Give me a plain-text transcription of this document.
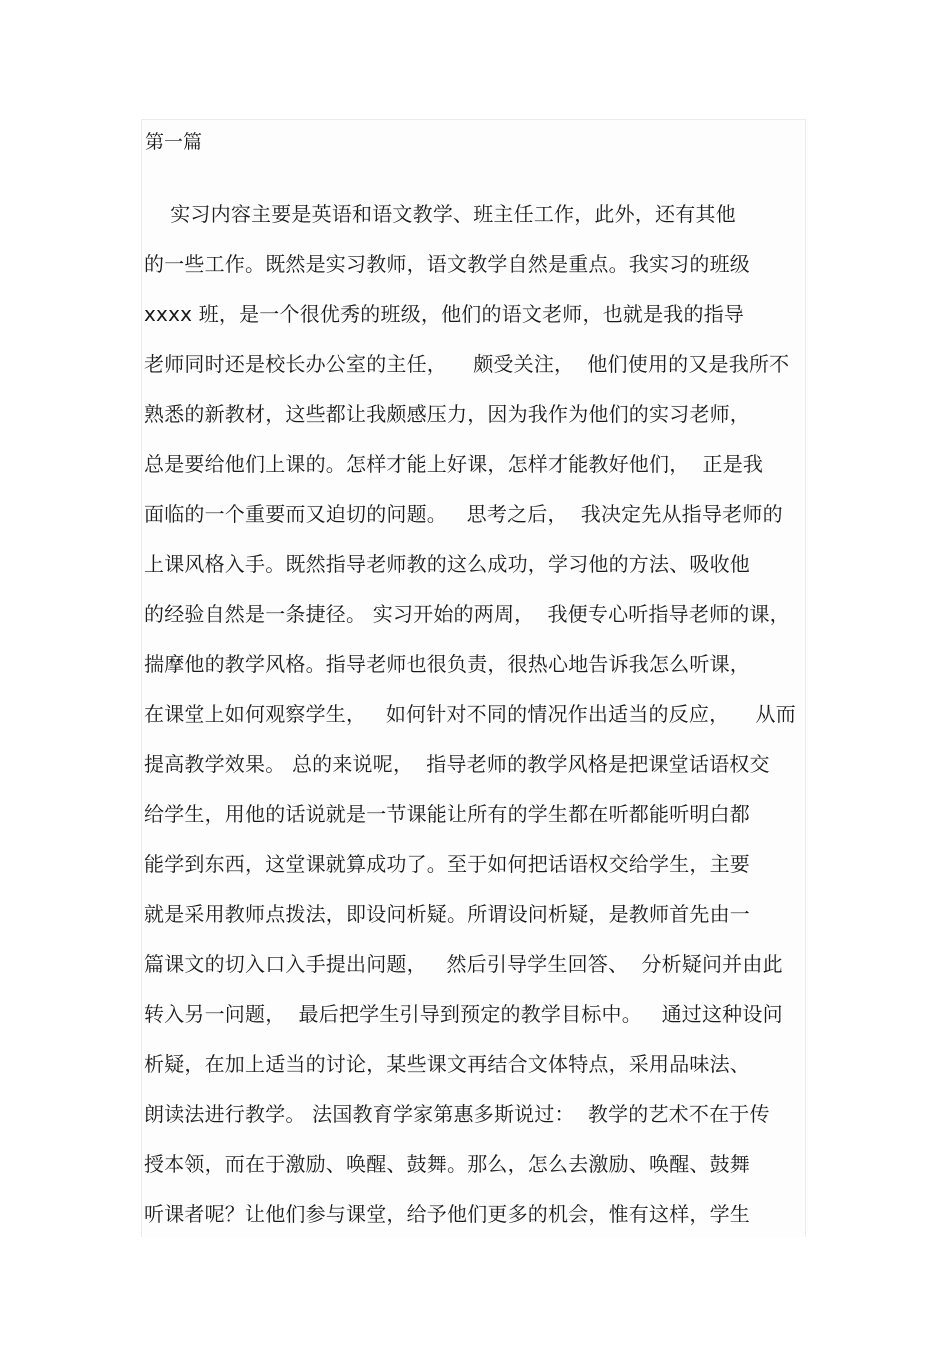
第一篇
实习内容主要是英语和语文教学、班主任工作，此外，还有其他
的一些工作。既然是实习教师，语文教学自然是重点。我实习的班级
xxxx 班，是一个很优秀的班级，他们的语文老师，也就是我的指导
老师同时还是校长办公室的主任，    颇受关注，  他们使用的又是我所不
熟悉的新教材，这些都让我颇感压力，因为我作为他们的实习老师，
总是要给他们上课的。怎样才能上好课，怎样才能教好他们，  正是我
面临的一个重要而又迫切的问题。   思考之后，  我决定先从指导老师的
上课风格入手。既然指导老师教的这么成功，学习他的方法、吸收他
的经验自然是一条捷径。 实习开始的两周，  我便专心听指导老师的课，
揣摩他的教学风格。指导老师也很负责，很热心地告诉我怎么听课，
在课堂上如何观察学生，   如何针对不同的情况作出适当的反应，    从而
提高教学效果。 总的来说呢，  指导老师的教学风格是把课堂话语权交
给学生，用他的话说就是一节课能让所有的学生都在听都能听明白都
能学到东西，这堂课就算成功了。至于如何把话语权交给学生，主要
就是采用教师点拨法，即设问析疑。所谓设问析疑，是教师首先由一
篇课文的切入口入手提出问题，   然后引导学生回答、  分析疑问并由此
转入另一问题，  最后把学生引导到预定的教学目标中。   通过这种设问
析疑，在加上适当的讨论，某些课文再结合文体特点，采用品味法、
朗读法进行教学。 法国教育学家第惠多斯说过：  教学的艺术不在于传
授本领，而在于激励、唤醒、鼓舞。那么，怎么去激励、唤醒、鼓舞
听课者呢？让他们参与课堂，给予他们更多的机会，惟有这样，学生
